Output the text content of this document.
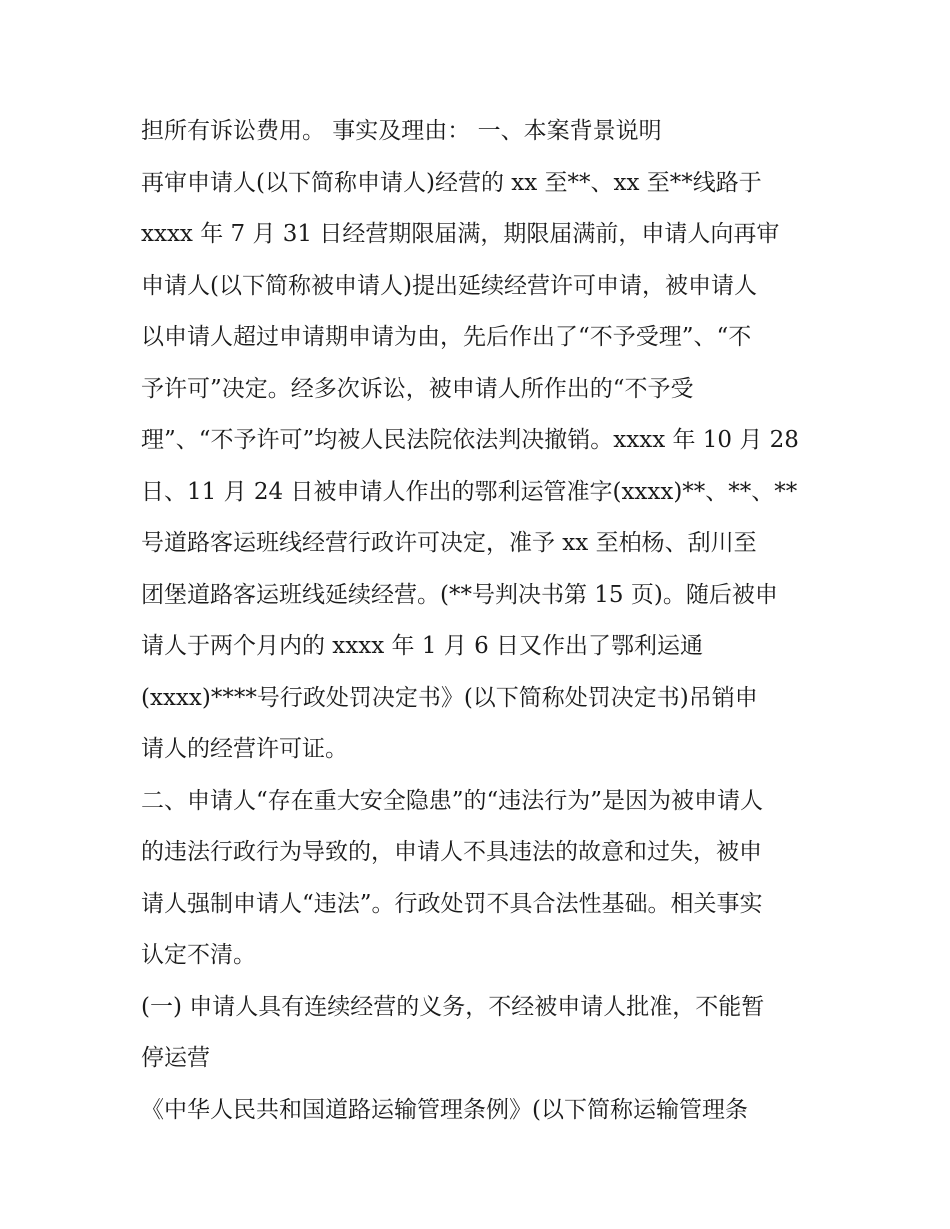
担所有诉讼费用。 事实及理由： 一、本案背景说明
再审申请人(以下简称申请人)经营的 xx 至**、xx 至**线路于
xxxx 年 7 月 31 日经营期限届满，期限届满前，申请人向再审
申请人(以下简称被申请人)提出延续经营许可申请，被申请人
以申请人超过申请期申请为由，先后作出了“不予受理”、“不
予许可”决定。经多次诉讼，被申请人所作出的“不予受
理”、“不予许可”均被人民法院依法判决撤销。xxxx 年 10 月 28
日、11 月 24 日被申请人作出的鄂利运管准字(xxxx)**、**、**
号道路客运班线经营行政许可决定，准予 xx 至柏杨、刮川至
团堡道路客运班线延续经营。(**号判决书第 15 页)。随后被申
请人于两个月内的 xxxx 年 1 月 6 日又作出了鄂利运通
(xxxx)****号行政处罚决定书》(以下简称处罚决定书)吊销申
请人的经营许可证。
二、申请人“存在重大安全隐患”的“违法行为”是因为被申请人
的违法行政行为导致的，申请人不具违法的故意和过失，被申
请人强制申请人“违法”。行政处罚不具合法性基础。相关事实
认定不清。
(一) 申请人具有连续经营的义务，不经被申请人批准，不能暂
停运营
《中华人民共和国道路运输管理条例》(以下简称运输管理条
